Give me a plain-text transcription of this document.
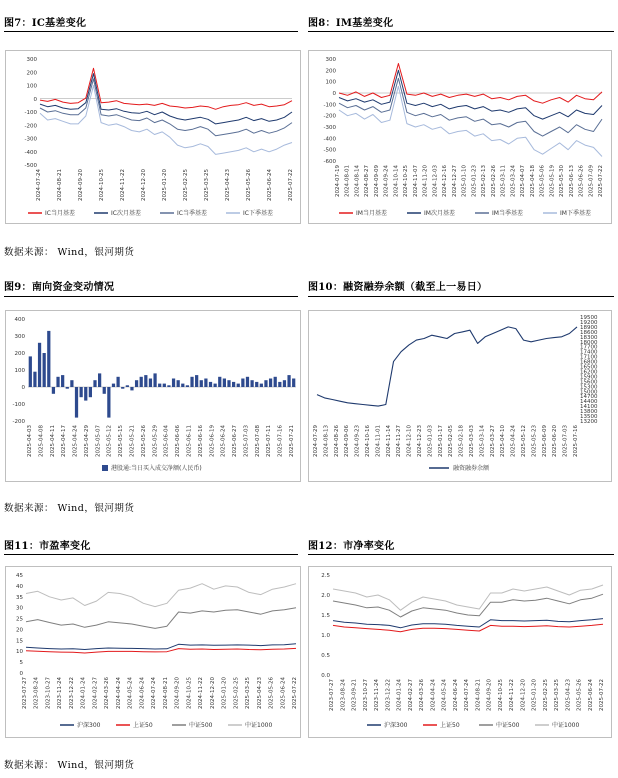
图7：IC基差变化	图8：IM基差变化
300
200
100
0
-100
-200
-300
-400
-500
2024-07-24	2024-08-21	2024-09-20	2024-10-25	2024-11-22	2024-12-20	2025-01-20	2025-02-25	2025-03-25	2025-04-23	2025-05-26	2025-06-24	2025-07-22
IC当月基差	IC次月基差	IC当季基差	IC下季基差
300
200
100
0
-100
-200
-300
-400
-500
-600
2024-07-19 2024-08-01 2024-08-14 2024-08-27 2024-09-09 2024-09-24 2024-10-14 2024-10-25 2024-11-07 2024-11-20 2024-12-03 2024-12-16 2024-12-27 2025-01-10 2025-01-23 2025-02-13 2025-02-26 2025-03-11 2025-03-24 2025-04-07 2025-04-18 2025-05-06 2025-05-19 2025-05-30 2025-06-13 2025-06-26 2025-07-09 2025-07-22
IM当月基差	IM次月基差	IM当季基差	IM下季基差
数据来源： Wind，银河期货
图9：南向资金变动情况	图10：融资融券余额（截至上一易日）
400
300
200
100
0
-100
-200
2025-04-03 2025-04-08 2025-04-11 2025-04-17 2025-04-24 2025-04-29 2025-05-07 2025-05-12 2025-05-15 2025-05-21 2025-05-26 2025-05-29 2025-06-04 2025-06-06 2025-06-11 2025-06-16 2025-06-19 2025-06-24 2025-06-27 2025-07-03 2025-07-08 2025-07-11 2025-07-16 2025-07-21
港股通:当日买入成交净额(人民币)
19500
19200
18900
18600
18300
18000
17700
17400
17100
16800
16500
16200
15900
15600
15300
15000
14700
14400
14100
13800
13500
13200
2024-07-29 2024-08-13 2024-08-26 2024-09-06 2024-09-23 2024-10-16 2024-11-01 2024-11-14 2024-11-27 2024-12-10 2024-12-23 2025-01-03 2025-01-17 2025-02-05 2025-02-18 2025-03-03 2025-03-14 2025-03-27 2025-04-10 2025-04-24 2025-05-12 2025-05-23 2025-06-09 2025-06-20 2025-07-03 2025-07-16
融资融券余额
数据来源： Wind，银河期货
图11：市盈率变化	图12：市净率变化
45
40
35
30
25
20
15
10
5
0
2023-07-27 2023-08-24 2023-10-27 2023-11-24 2023-12-22 2024-01-24 2024-02-27 2024-03-26 2024-04-24 2024-05-24 2024-06-24 2024-07-24 2024-08-21 2024-09-20 2024-10-25 2024-11-22 2024-12-20 2025-01-20 2025-02-25 2025-03-25 2025-04-23 2025-05-26 2025-06-24 2025-07-22
沪深300	上证50	中证500	中证1000
2.5
2.0
1.5
1.0
0.5
0.0
2023-07-27 2023-08-24 2023-09-21 2023-10-27 2023-11-24 2023-12-22 2024-01-24 2024-02-27 2024-03-26 2024-04-24 2024-05-24 2024-06-24 2024-07-24 2024-08-21 2024-09-20 2024-10-25 2024-11-22 2024-12-20 2025-01-20 2025-02-25 2025-03-25 2025-04-23 2025-05-26 2025-06-24 2025-07-22
沪深300	上证50	中证500	中证1000
数据来源： Wind，银河期货
